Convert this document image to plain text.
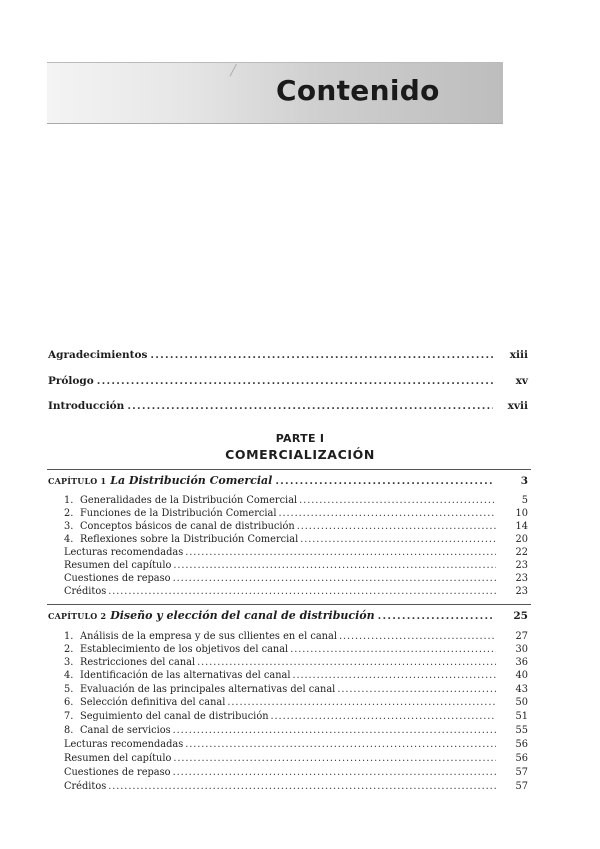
Contenido
Agradecimientos .....	xiii
Prólogo .....	xv
Introducción .....	xvii
PARTE I
COMERCIALIZACIÓN
CAPÍTULO 1 La Distribución Comercial .....	3
1. Generalidades de la Distribución Comercial .....	5
2. Funciones de la Distribución Comercial .....	10
3. Conceptos básicos de canal de distribución .....	14
4. Reflexiones sobre la Distribución Comercial .....	20
Lecturas recomendadas .....	22
Resumen del capítulo .....	23
Cuestiones de repaso .....	23
Créditos .....	23
CAPÍTULO 2 Diseño y elección del canal de distribución .....	25
1. Análisis de la empresa y de sus cllientes en el canal .....	27
2. Establecimiento de los objetivos del canal .....	30
3. Restricciones del canal .....	36
4. Identificación de las alternativas del canal .....	40
5. Evaluación de las principales alternativas del canal .....	43
6. Selección definitiva del canal .....	50
7. Seguimiento del canal de distribución .....	51
8. Canal de servicios .....	55
Lecturas recomendadas .....	56
Resumen del capítulo .....	56
Cuestiones de repaso .....	57
Créditos .....	57
